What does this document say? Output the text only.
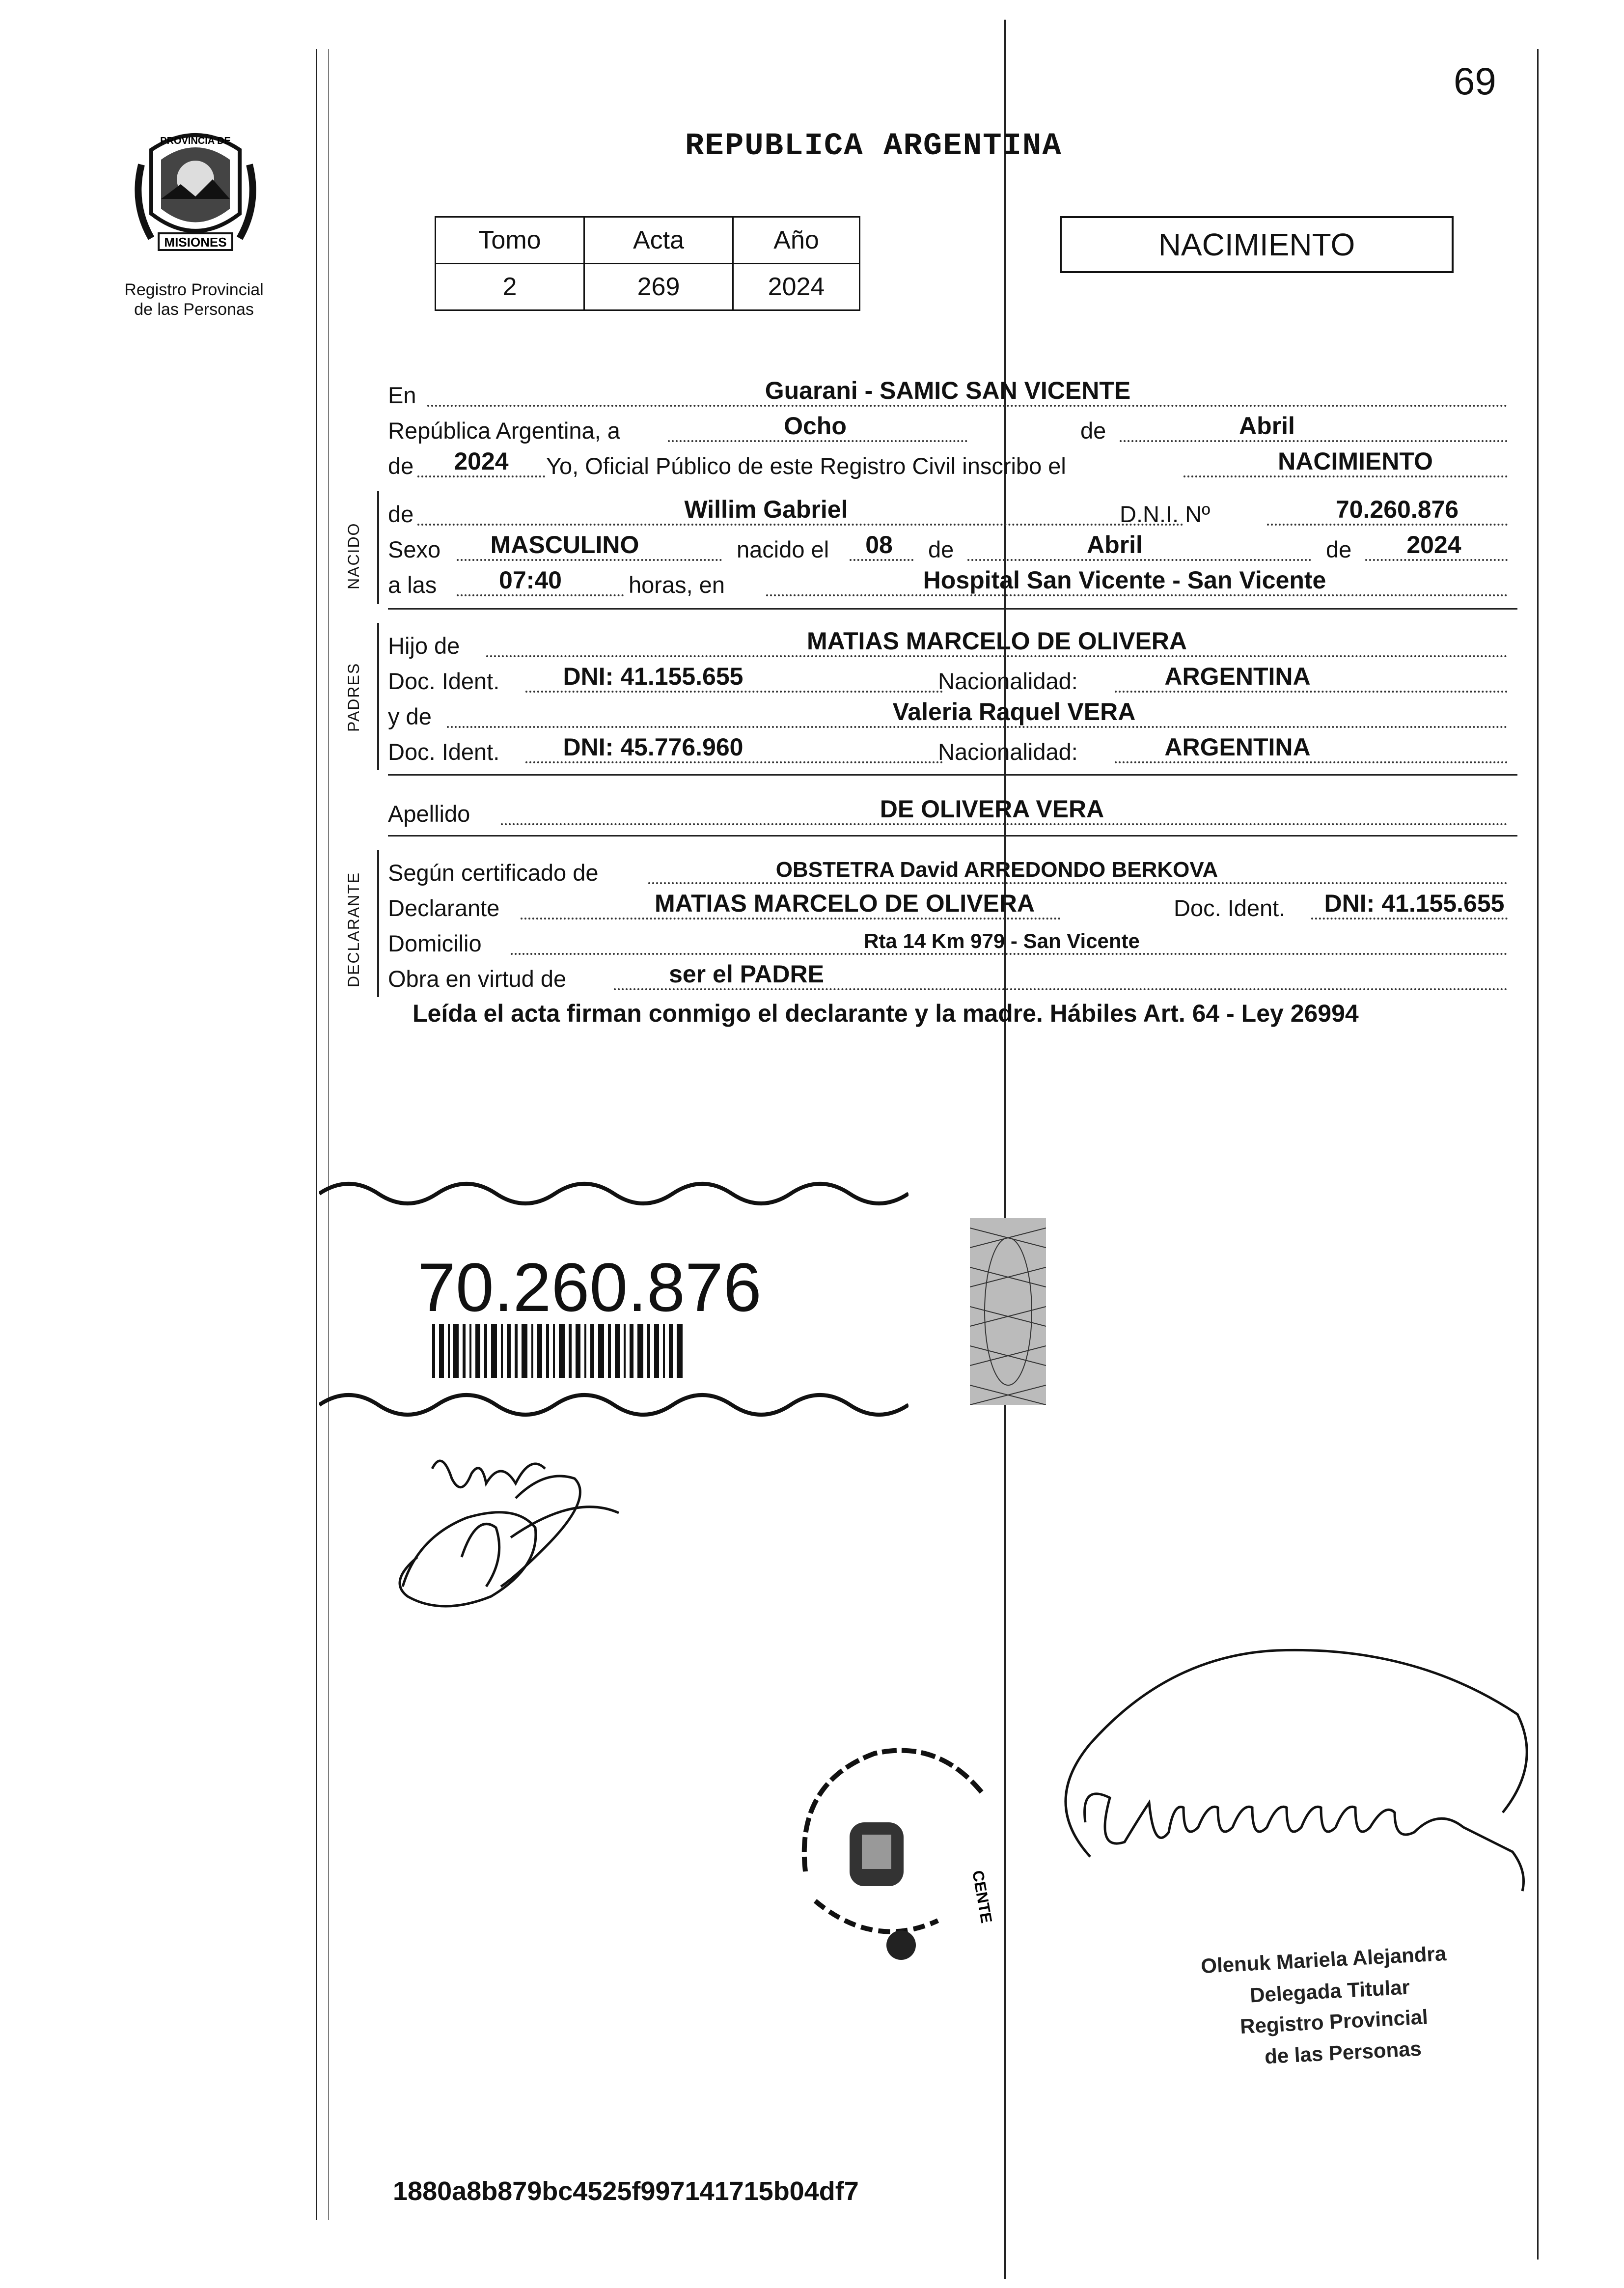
69
MISIONES
PROVINCIA DE
Registro Provincial
de las Personas
REPUBLICA ARGENTINA
Tomo	Acta	Año
2	269	2024
NACIMIENTO
En	Guarani - SAMIC SAN VICENTE
República Argentina, a	Ocho	de	Abril
de 2024	Yo, Oficial Público de este Registro Civil inscribo el	NACIMIENTO
NACIDO
de	Willim Gabriel	D.N.I. Nº	70.260.876
Sexo	MASCULINO	nacido el 08 de	Abril	de 2024
a las	07:40	horas, en	Hospital San Vicente - San Vicente
PADRES
Hijo de	MATIAS MARCELO DE OLIVERA
Doc. Ident.	DNI: 41.155.655	Nacionalidad:	ARGENTINA
y de	Valeria Raquel VERA
Doc. Ident.	DNI: 45.776.960	Nacionalidad:	ARGENTINA
Apellido	DE OLIVERA VERA
DECLARANTE Según certificado de	OBSTETRA David ARREDONDO BERKOVA
Declarante	MATIAS MARCELO DE OLIVERA	Doc. Ident.	DNI: 41.155.655
Domicilio	Rta 14 Km 979 - San Vicente
Obra en virtud de	ser el PADRE
Leída el acta firman conmigo el declarante y la madre. Hábiles Art. 64 - Ley 26994
70.260.876
CENTE
Olenuk Mariela Alejandra
Delegada Titular
Registro Provincial
de las Personas
1880a8b879bc4525f997141715b04df7
